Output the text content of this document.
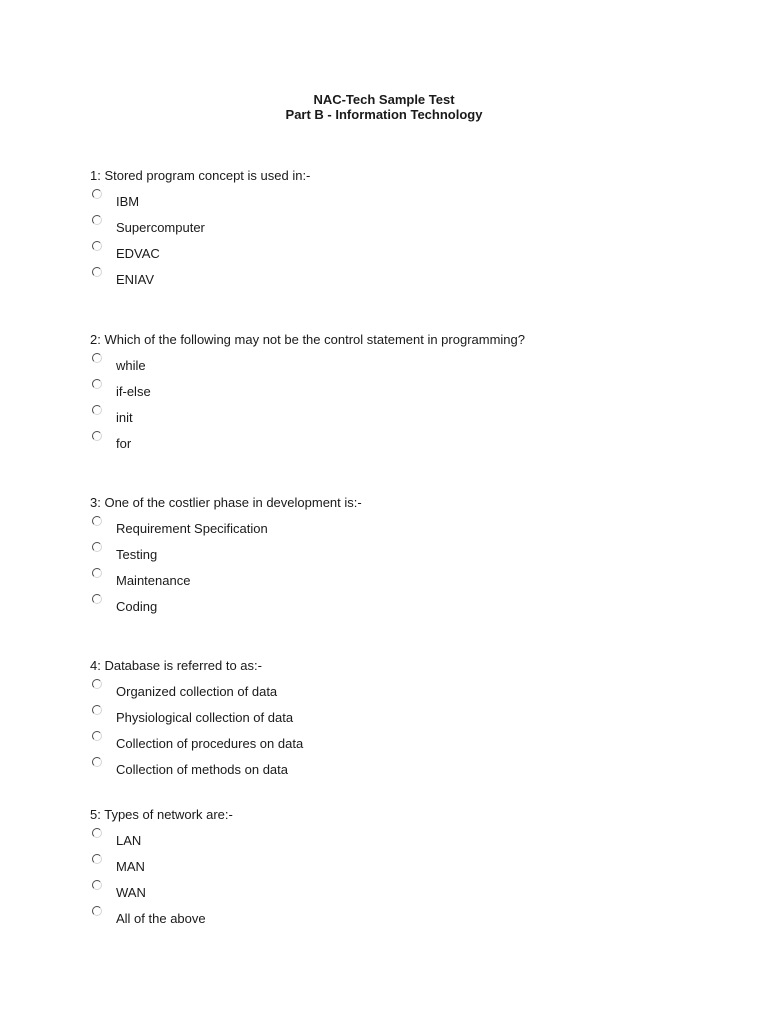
NAC-Tech Sample Test
Part B - Information Technology
1: Stored program concept is used in:-
IBM
Supercomputer
EDVAC
ENIAV
2: Which of the following may not be the control statement in programming?
while
if-else
init
for
3: One of the costlier phase in development is:-
Requirement Specification
Testing
Maintenance
Coding
4: Database is referred to as:-
Organized collection of data
Physiological collection of data
Collection of procedures on data
Collection of methods on data
5: Types of network are:-
LAN
MAN
WAN
All of the above
